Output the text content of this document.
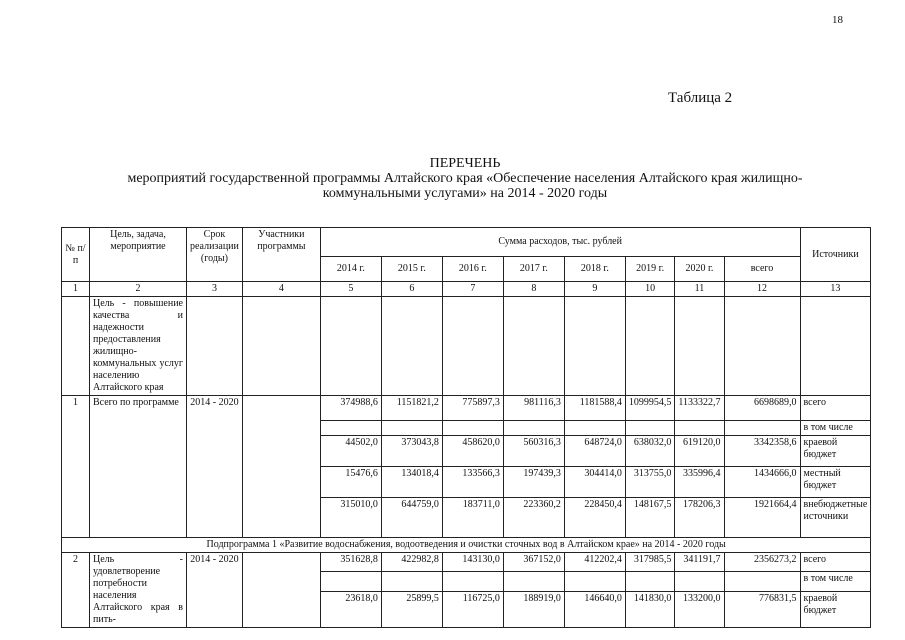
18
Таблица 2
ПЕРЕЧЕНЬ
мероприятий государственной программы Алтайского края «Обеспечение населения Алтайского края жилищно-
коммунальными услугами» на 2014 - 2020 годы
№ п/п	Цель, задача, мероприятие	Срок реализации (годы)	Участники программы	Сумма расходов, тыс. рублей								Источники
				2014 г.	2015 г.	2016 г.	2017 г.	2018 г.	2019 г.	2020 г.	всего	
1	2	3	4	5	6	7	8	9	10	11	12	13
	Цель - повышение качества и надежности предоставления жилищно-коммунальных услуг населению Алтайского края											
1	Всего по программе	2014 - 2020		374988,6	1151821,2	775897,3	981116,3	1181588,4	1099954,5	1133322,7	6698689,0	всего
												в том числе
				44502,0	373043,8	458620,0	560316,3	648724,0	638032,0	619120,0	3342358,6	краевой бюджет
				15476,6	134018,4	133566,3	197439,3	304414,0	313755,0	335996,4	1434666,0	местный бюджет
				315010,0	644759,0	183711,0	223360,2	228450,4	148167,5	178206,3	1921664,4	внебюджетные источники
Подпрограмма 1 «Развитие водоснабжения, водоотведения и очистки сточных вод в Алтайском крае» на 2014 - 2020 годы												
2	Цель - удовлетворение потребности населения Алтайского края в пить-	2014 - 2020		351628,8	422982,8	143130,0	367152,0	412202,4	317985,5	341191,7	2356273,2	всего
												в том числе
				23618,0	25899,5	116725,0	188919,0	146640,0	141830,0	133200,0	776831,5	краевой бюджет
